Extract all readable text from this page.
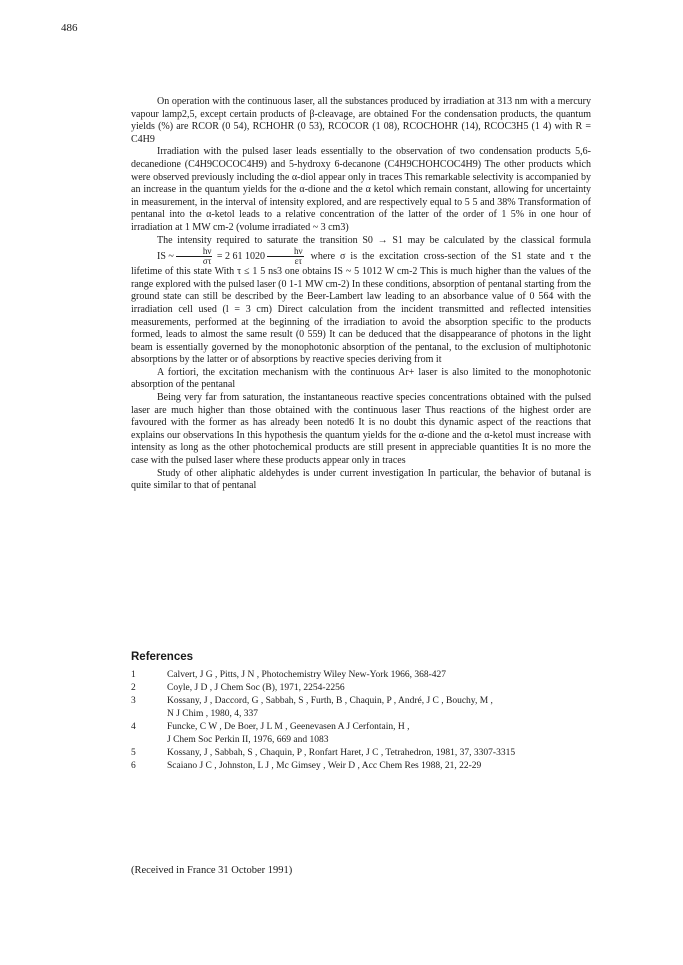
486

On operation with the continuous laser, all the substances produced by irradiation at 313 nm with a mercury vapour lamp2,5, except certain products of β-cleavage, are obtained For the condensation products, the quantum yields (%) are RCOR (0 54), RCHOHR (0 53), RCOCOR (1 08), RCOCHOHR (14), RCOC3H5 (1 4) with R = C4H9

Irradiation with the pulsed laser leads essentially to the observation of two condensation products 5,6-decanedione (C4H9COCOC4H9) and 5-hydroxy 6-decanone (C4H9CHOHCOC4H9) The other products which were observed previously including the α-diol appear only in traces This remarkable selectivity is accompanied by an increase in the quantum yields for the α-dione and the α ketol which remain constant, allowing for uncertainty in measurement, in the interval of intensity explored, and are respectively equal to 5 5 and 38% Transformation of pentanal into the α-ketol leads to a relative concentration of the latter of the order of 1 5% in one hour of irradiation at 1 MW cm-2 (volume irradiated ~ 3 cm3)

The intensity required to saturate the transition S0 → S1 may be calculated by the classical formula IS ~ $\frac{h\nu}{\sigma\tau} = 2$ 61 $1020 \frac{h\nu}{\varepsilon\tau}$ where σ is the excitation cross-section of the S1 state and τ the lifetime of this state With τ ≤ 1 5 ns3 one obtains IS ~ 5 1012 W cm-2 This is much higher than the values of the range explored with the pulsed laser (0 1-1 MW cm-2) In these conditions, absorption of pentanal starting from the ground state can still be described by the Beer-Lambert law leading to an absorbance value of 0 564 with the irradiation cell used (l = 3 cm) Direct calculation from the incident transmitted and reflected intensities measurements, performed at the beginning of the irradiation to avoid the absorption specific to the products formed, leads to almost the same result (0 559) It can be deduced that the disappearance of photons in the light beam is essentially governed by the monophotonic absorption of the pentanal, to the exclusion of multiphotonic absorptions by the latter or of absorptions by reactive species deriving from it

A fortiori, the excitation mechanism with the continuous Ar+ laser is also limited to the monophotonic absorption of the pentanal

Being very far from saturation, the instantaneous reactive species concentrations obtained with the pulsed laser are much higher than those obtained with the continuous laser Thus reactions of the highest order are favoured with the former as has already been noted6 It is no doubt this dynamic aspect of the reactions that explains our observations In this hypothesis the quantum yields for the α-dione and the α-ketol must increase with intensity as long as the other photochemical products are still present in appreciable quantities It is no more the case with the pulsed laser where these products appear only in traces

Study of other aliphatic aldehydes is under current investigation In particular, the behavior of butanal is quite similar to that of pentanal

References
1	Calvert, J G , Pitts, J N , Photochemistry Wiley New-York 1966, 368-427
2	Coyle, J D , J Chem Soc (B), 1971, 2254-2256
3	Kossany, J , Daccord, G , Sabbah, S , Furth, B , Chaquin, P , André, J C , Bouchy, M ,
N J Chim , 1980, 4, 337
4	Funcke, C W , De Boer, J L M , Geenevasen A J Cerfontain, H ,
J Chem Soc Perkin II, 1976, 669 and 1083
5	Kossany, J , Sabbah, S , Chaquin, P , Ronfart Haret, J C , Tetrahedron, 1981, 37, 3307-3315
6	Scaiano J C , Johnston, L J , Mc Gimsey , Weir D , Acc Chem Res 1988, 21, 22-29
(Received in France 31 October 1991)
